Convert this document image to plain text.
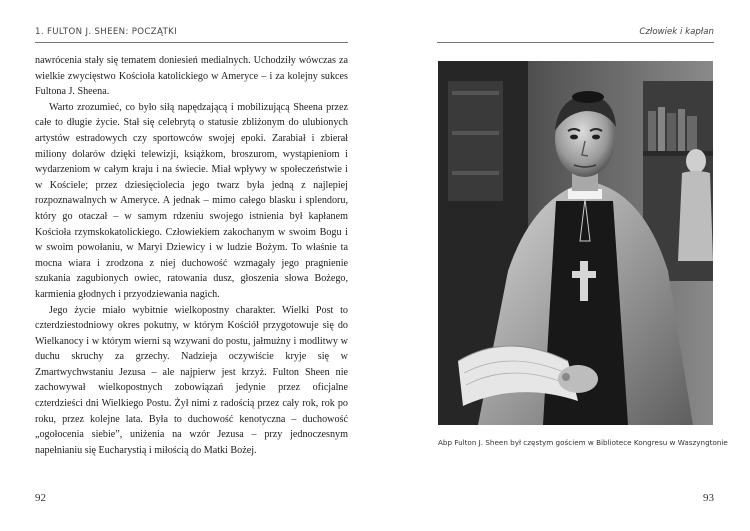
1. FULTON J. SHEEN: POCZĄTKI

nawrócenia stały się tematem doniesień medialnych. Uchodziły wówczas za wielkie zwycięstwo Kościoła katolickiego w Ameryce – i za kolejny sukces Fultona J. Sheena.

Warto zrozumieć, co było siłą napędzającą i mobilizującą Sheena przez całe to długie życie. Stał się celebrytą o statusie zbliżonym do ulubionych artystów estradowych czy sportowców swojej epoki. Zarabiał i zbierał miliony dolarów dzięki telewizji, książkom, broszurom, wystąpieniom i wydarzeniom w całym kraju i na świecie. Miał wpływy w społeczeństwie i w Kościele; przez dziesięciolecia jego twarz była jedną z najlepiej rozpoznawalnych w Ameryce. A jednak – mimo całego blasku i splendoru, który go otaczał – w samym rdzeniu swojego istnienia był kapłanem Kościoła rzymskokatolickiego. Człowiekiem zakochanym w swoim Bogu i w swoim powołaniu, w Maryi Dziewicy i w ludzie Bożym. To właśnie ta mocna wiara i zrodzona z niej duchowość wzmagały jego pragnienie szukania zagubionych owiec, ratowania dusz, głoszenia słowa Bożego, karmienia głodnych i przyodziewania nagich.

Jego życie miało wybitnie wielkopostny charakter. Wielki Post to czterdziestodniowy okres pokutny, w którym Kościół przygotowuje się do Wielkanocy i w którym wierni są wzywani do postu, jałmużny i modlitwy w duchu skruchy za grzechy. Nadzieja oczywiście kryje się w Zmartwychwstaniu Jezusa – ale najpierw jest krzyż. Fulton Sheen nie zachowywał wielkopostnych zobowiązań jedynie przez oficjalne czterdzieści dni Wielkiego Postu. Żył nimi z radością przez cały rok, rok po roku, przez kolejne lata. Była to duchowość kenotyczna – duchowość „ogołocenia siebie”, uniżenia na wzór Jezusa – przy jednoczesnym napełnianiu się Eucharystią i miłością do Matki Bożej.

92
Człowiek i kapłan
Abp Fulton J. Sheen był częstym gościem w Bibliotece Kongresu w Waszyngtonie
93
